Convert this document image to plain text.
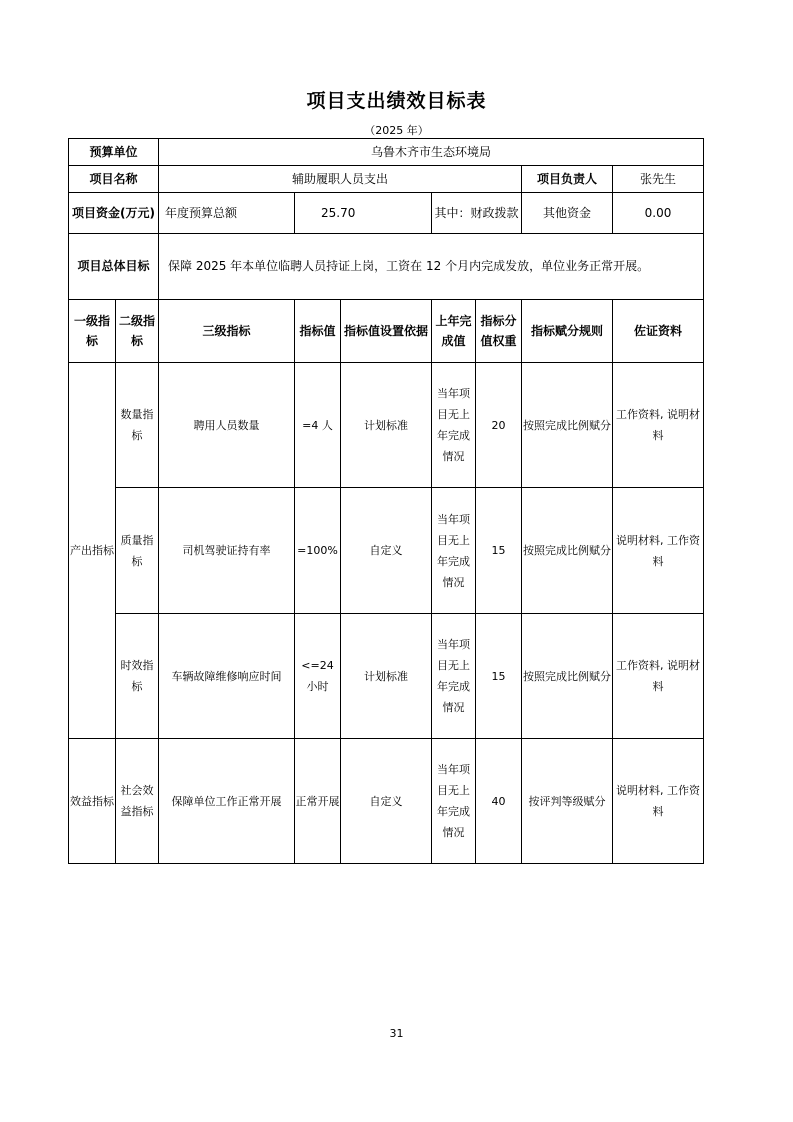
项目支出绩效目标表
（2025 年）
预算单位		乌鲁木齐市生态环境局						
项目名称		辅助履职人员支出					项目负责人	张先生
项目资金(万元)		年度预算总额	25.70		其中：财政拨款		其他资金	0.00
项目总体目标		保障 2025 年本单位临聘人员持证上岗，工资在 12 个月内完成发放，单位业务正常开展。						
一级指标	二级指标	三级指标	指标值	指标值设置依据	上年完成值	指标分值权重	指标赋分规则	佐证资料
产出指标	数量指标	聘用人员数量	=4 人	计划标准	当年项目无上年完成情况	20	按照完成比例赋分	工作资料, 说明材料
	质量指标	司机驾驶证持有率	=100%	自定义	当年项目无上年完成情况	15	按照完成比例赋分	说明材料, 工作资料
	时效指标	车辆故障维修响应时间	<=24 小时	计划标准	当年项目无上年完成情况	15	按照完成比例赋分	工作资料, 说明材料
效益指标	社会效益指标	保障单位工作正常开展	正常开展	自定义	当年项目无上年完成情况	40	按评判等级赋分	说明材料, 工作资料
31
